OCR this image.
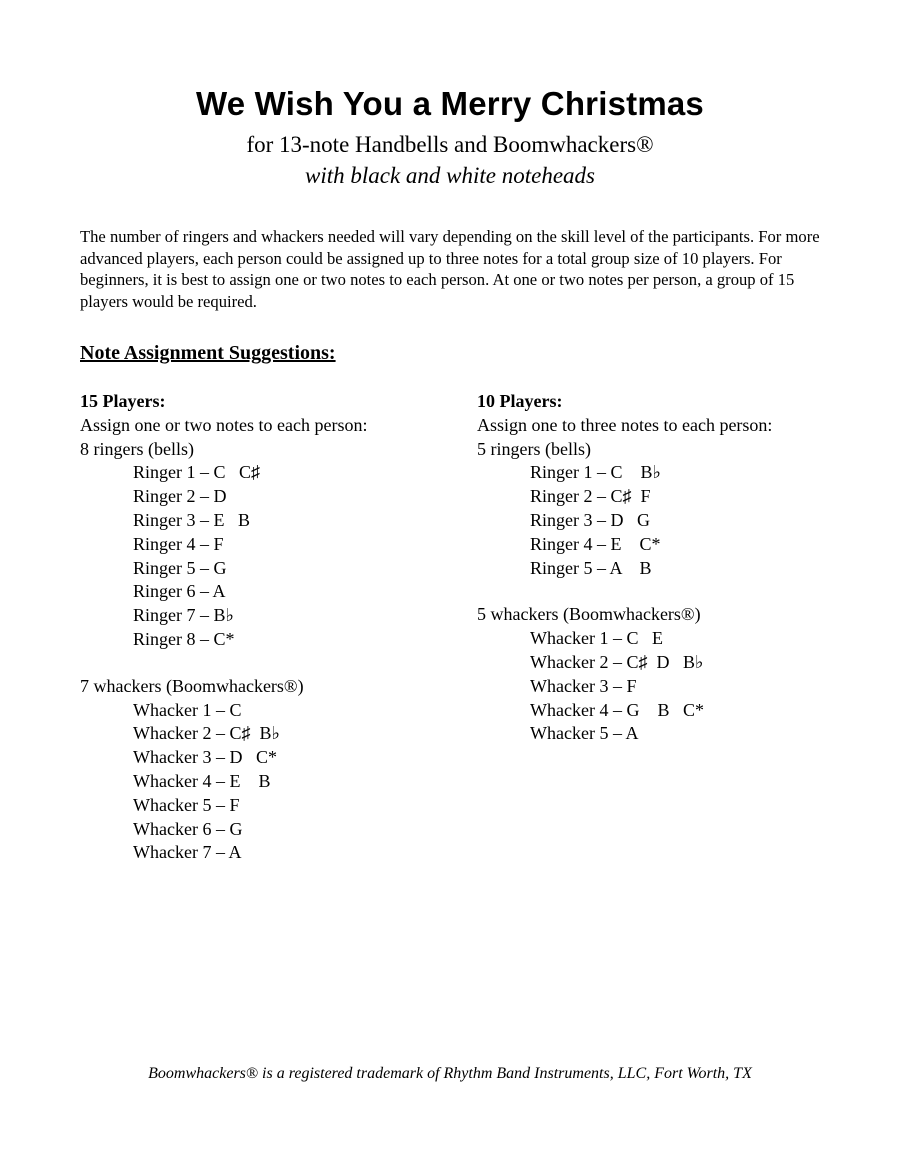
We Wish You a Merry Christmas
for 13-note Handbells and Boomwhackers®
with black and white noteheads
The number of ringers and whackers needed will vary depending on the skill level of the participants. For more advanced players, each person could be assigned up to three notes for a total group size of 10 players. For beginners, it is best to assign one or two notes to each person. At one or two notes per person, a group of 15 players would be required.
Note Assignment Suggestions:
15 Players:
Assign one or two notes to each person:
8 ringers (bells)
Ringer 1 – C   C♯
Ringer 2 – D
Ringer 3 – E   B
Ringer 4 – F
Ringer 5 – G
Ringer 6 – A
Ringer 7 – B♭
Ringer 8 – C*
7 whackers (Boomwhackers®)
Whacker 1 – C
Whacker 2 – C♯  B♭
Whacker 3 – D   C*
Whacker 4 – E    B
Whacker 5 – F
Whacker 6 – G
Whacker 7 – A
10 Players:
Assign one to three notes to each person:
5 ringers (bells)
Ringer 1 – C    B♭
Ringer 2 – C♯  F
Ringer 3 – D   G
Ringer 4 – E    C*
Ringer 5 – A    B
5 whackers (Boomwhackers®)
Whacker 1 – C   E
Whacker 2 – C♯  D   B♭
Whacker 3 – F
Whacker 4 – G    B   C*
Whacker 5 – A
Boomwhackers® is a registered trademark of Rhythm Band Instruments, LLC, Fort Worth, TX
